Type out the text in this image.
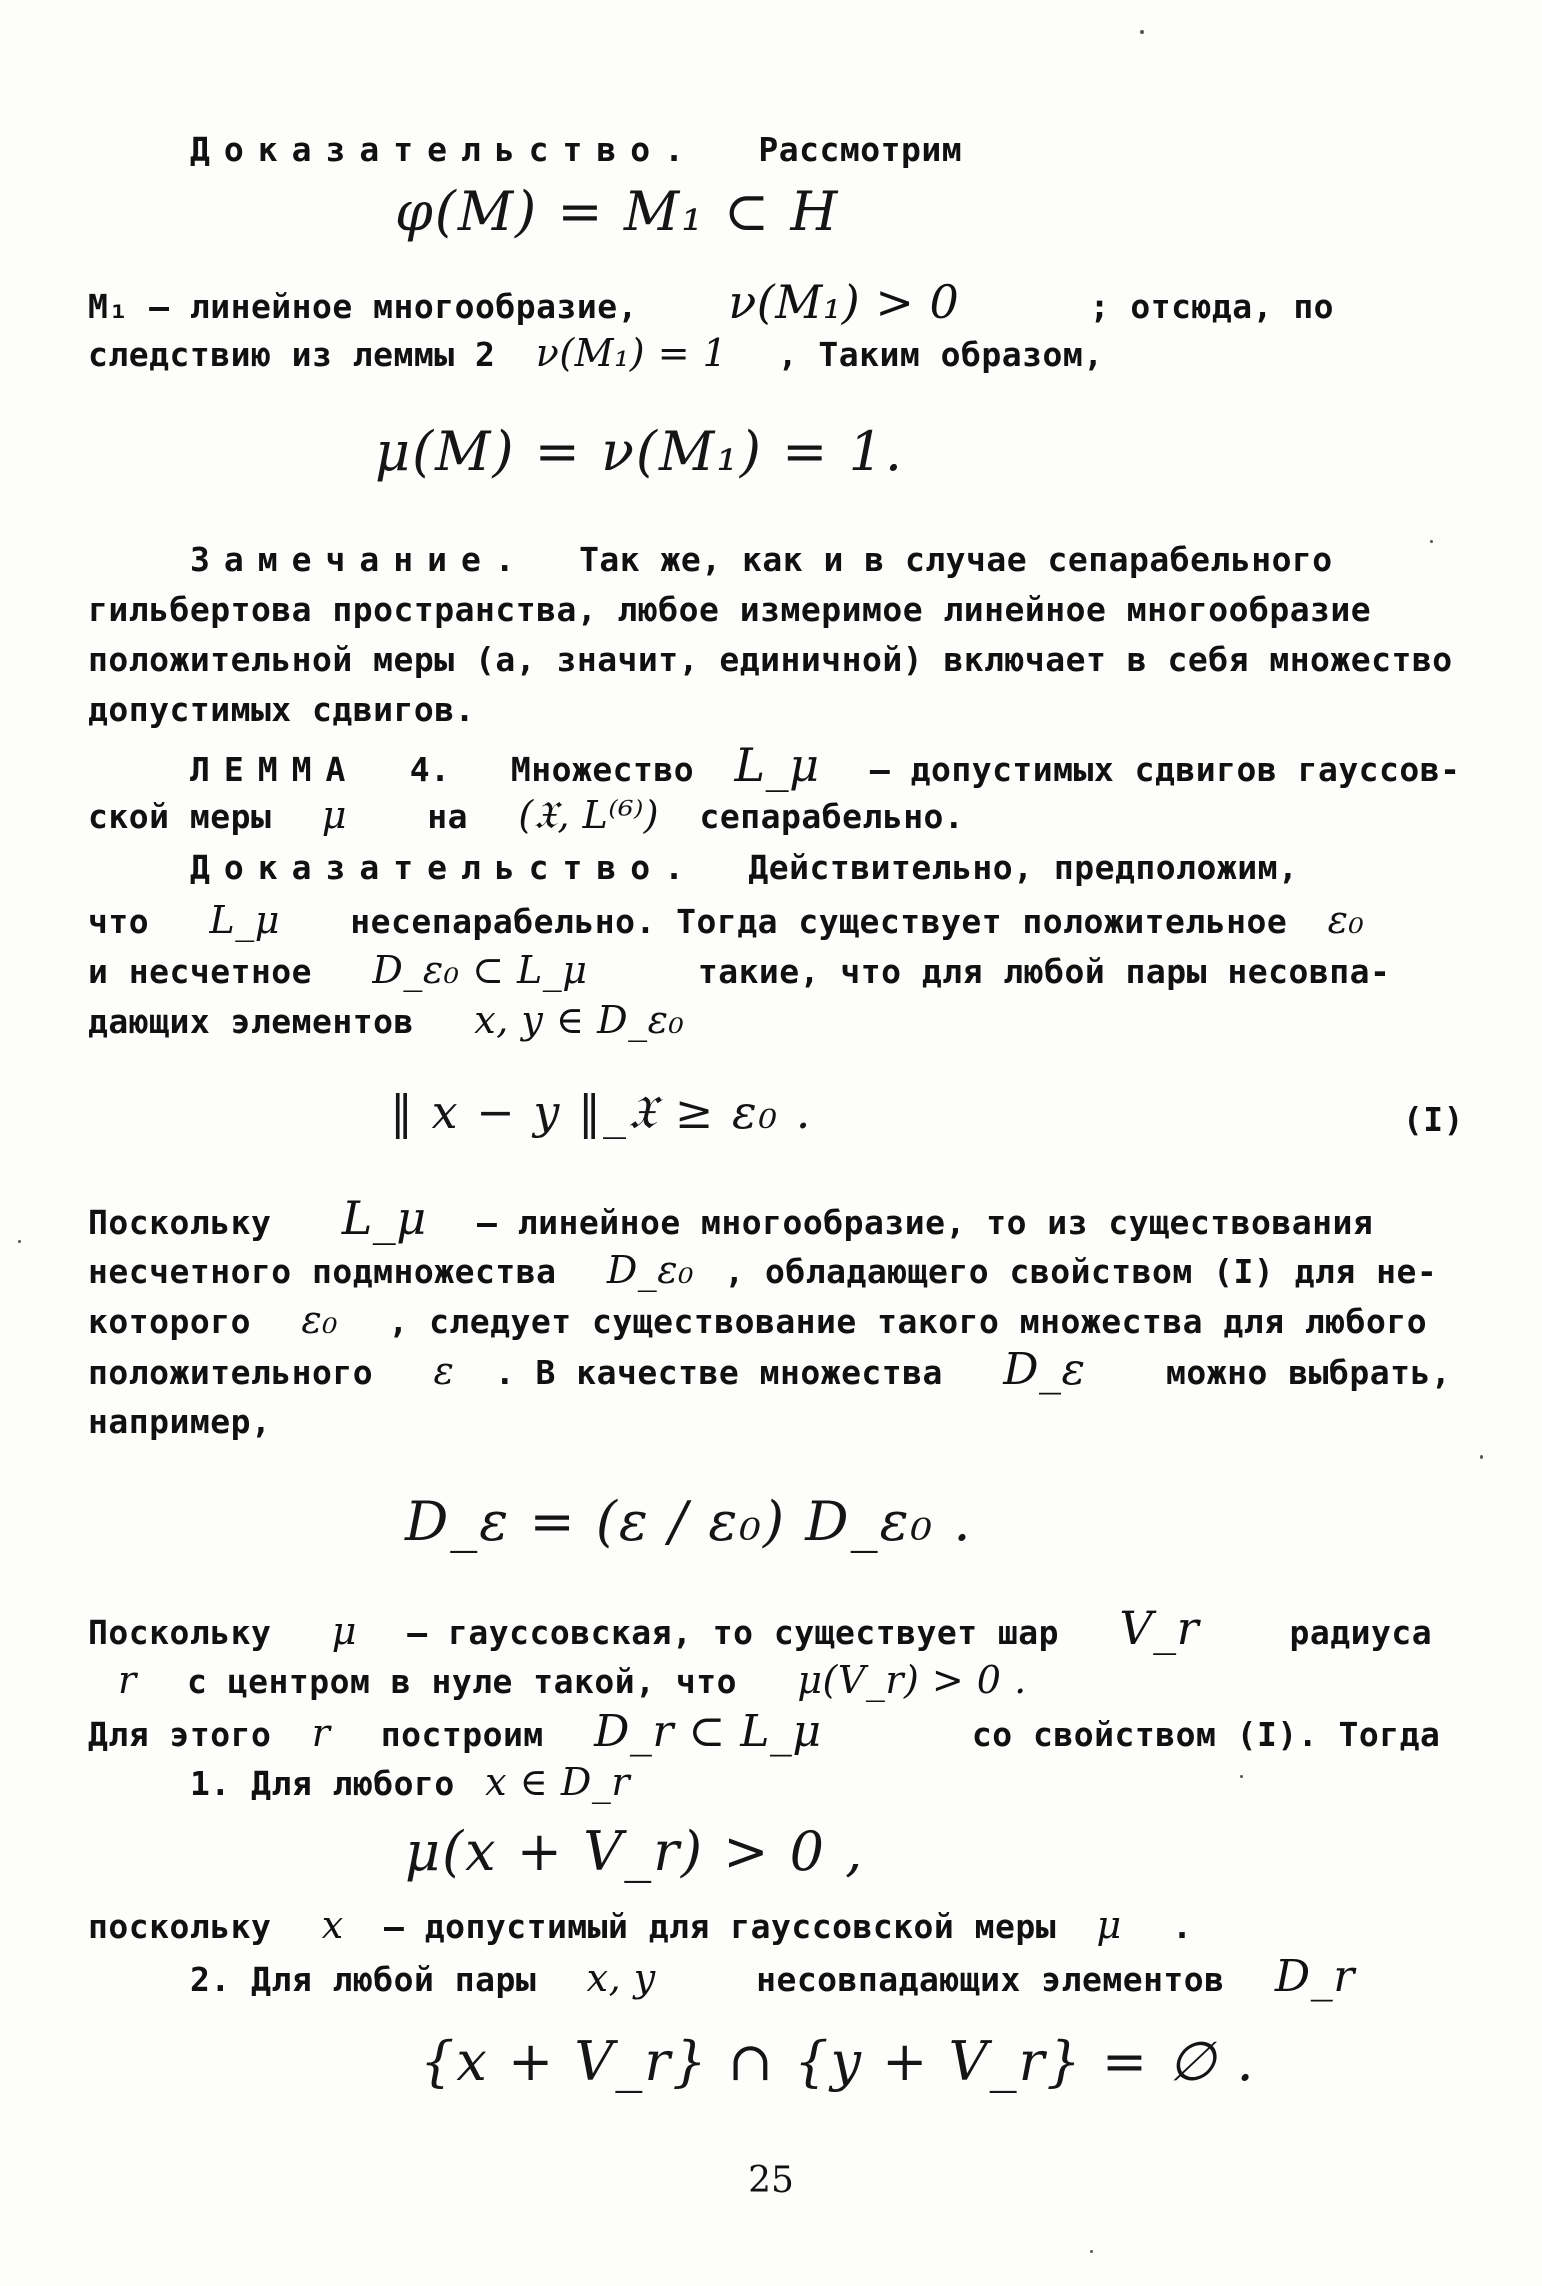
Доказательство. Рассмотрим
φ(M) = M₁ ⊂ H
M₁ – линейное многообразие, ν(M₁) > 0	; отсюда, по
следствию из леммы 2 ν(M₁) = 1 , Таким образом,
μ(M) = ν(M₁) = 1.
Замечание. Так же, как и в случае сепарабельного
гильбертова пространства, любое измеримое линейное многообразие
положительной меры (а, значит, единичной) включает в себя множество
допустимых сдвигов.
ЛЕММА 4. Множество L_μ – допустимых сдвигов гауссов-
ской меры μ на (𝔛, L⁽⁶⁾) сепарабельно.
Доказательство. Действительно, предположим,
что L_μ несепарабельно. Тогда существует положительное ε₀
и несчетное D_ε₀ ⊂ L_μ	такие, что для любой пары несовпа-
дающих элементов x, y ∈ D_ε₀
‖ x − y ‖_𝔛 ≥ ε₀ .	(I)
Поскольку L_μ – линейное многообразие, то из существования
несчетного подмножества D_ε₀ , обладающего свойством (I) для не-
которого ε₀ , следует существование такого множества для любого
положительного ε . В качестве множества D_ε можно выбрать,
например,
D_ε = (ε / ε₀) D_ε₀ .
Поскольку μ – гауссовская, то существует шар V_r	радиуса
r с центром в нуле такой, что μ(V_r) > 0 .
Для этого r построим D_r ⊂ L_μ	со свойством (I). Тогда
1. Для любого x ∈ D_r
μ(x + V_r) > 0 ,
поскольку x – допустимый для гауссовской меры μ .
2. Для любой пары x, y	несовпадающих элементов D_r
{x + V_r} ∩ {y + V_r} = ∅ .
25
